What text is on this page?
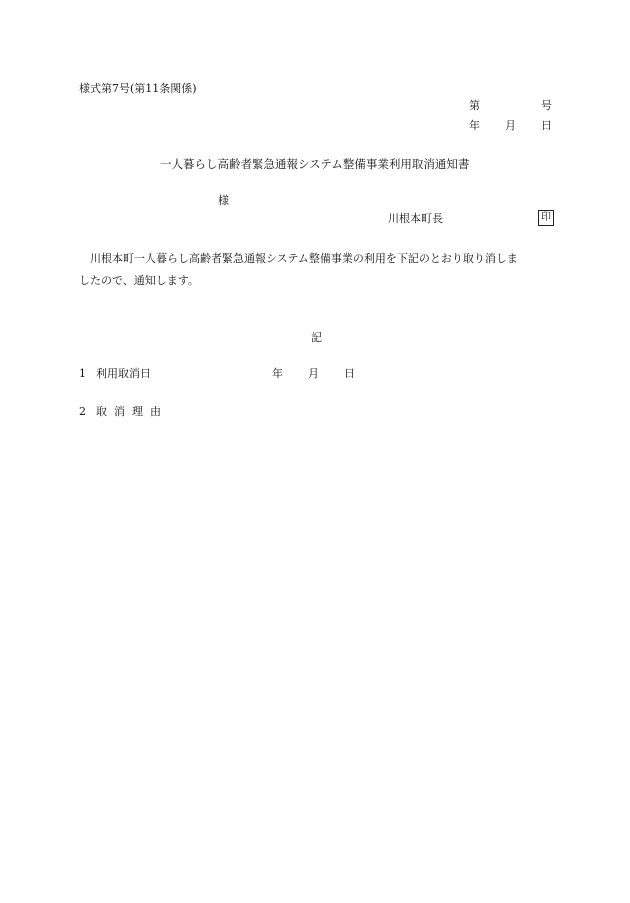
様式第7号(第11条関係)
第	号
年 月 日
一人暮らし高齢者緊急通報システム整備事業利用取消通知書
様
川根本町長	印

川根本町一人暮らし高齢者緊急通報システム整備事業の利用を下記のとおり取り消しま

したので、通知します。

記
1 利用取消日	年 月 日
2 取消理由
